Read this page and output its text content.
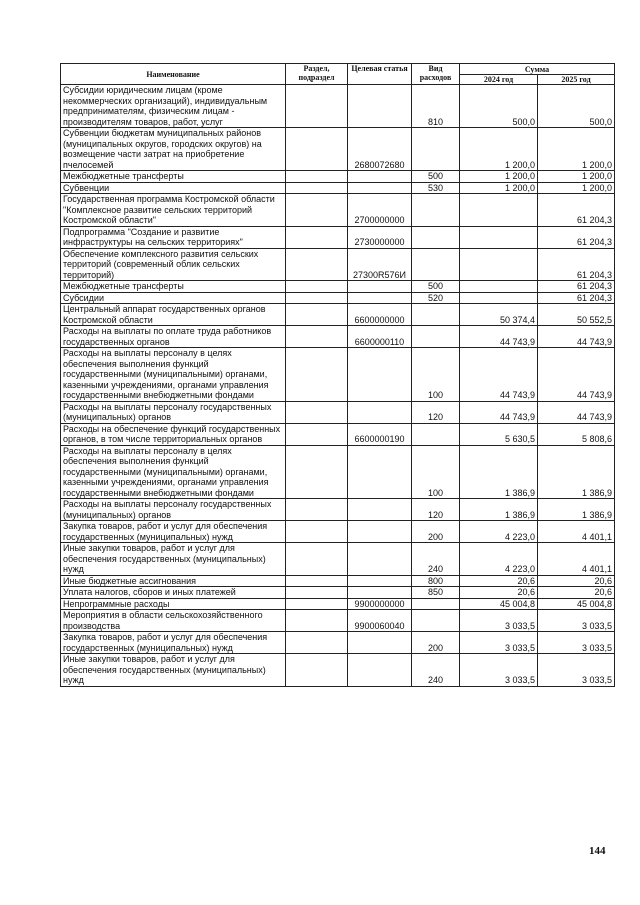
Наименование	Раздел, подраздел	Целевая статья	Вид расходов	Сумма	
				2024 год	2025 год
Субсидии юридическим лицам (кроме некоммерческих организаций), индивидуальным предпринимателям, физическим лицам - производителям товаров, работ, услуг			810	500,0	500,0
Субвенции бюджетам муниципальных районов (муниципальных округов, городских округов) на возмещение части затрат на приобретение пчелосемей		2680072680		1 200,0	1 200,0
Межбюджетные трансферты			500	1 200,0	1 200,0
Субвенции			530	1 200,0	1 200,0
Государственная программа Костромской области "Комплексное развитие сельских территорий Костромской области"		2700000000			61 204,3
Подпрограмма "Создание и развитие инфраструктуры на сельских территориях"		2730000000			61 204,3
Обеспечение комплексного развития сельских территорий (современный облик сельских территорий)		27300R576И			61 204,3
Межбюджетные трансферты			500		61 204,3
Субсидии			520		61 204,3
Центральный аппарат государственных органов Костромской области		6600000000		50 374,4	50 552,5
Расходы на выплаты по оплате труда работников государственных органов		6600000110		44 743,9	44 743,9
Расходы на выплаты персоналу в целях обеспечения выполнения функций государственными (муниципальными) органами, казенными учреждениями, органами управления государственными внебюджетными фондами			100	44 743,9	44 743,9
Расходы на выплаты персоналу государственных (муниципальных) органов			120	44 743,9	44 743,9
Расходы на обеспечение функций государственных органов, в том числе территориальных органов		6600000190		5 630,5	5 808,6
Расходы на выплаты персоналу в целях обеспечения выполнения функций государственными (муниципальными) органами, казенными учреждениями, органами управления государственными внебюджетными фондами			100	1 386,9	1 386,9
Расходы на выплаты персоналу государственных (муниципальных) органов			120	1 386,9	1 386,9
Закупка товаров, работ и услуг для обеспечения государственных (муниципальных) нужд			200	4 223,0	4 401,1
Иные закупки товаров, работ и услуг для обеспечения государственных (муниципальных) нужд			240	4 223,0	4 401,1
Иные бюджетные ассигнования			800	20,6	20,6
Уплата налогов, сборов и иных платежей			850	20,6	20,6
Непрограммные расходы		9900000000		45 004,8	45 004,8
Мероприятия в области сельскохозяйственного производства		9900060040		3 033,5	3 033,5
Закупка товаров, работ и услуг для обеспечения государственных (муниципальных) нужд			200	3 033,5	3 033,5
Иные закупки товаров, работ и услуг для обеспечения государственных (муниципальных) нужд			240	3 033,5	3 033,5
144
